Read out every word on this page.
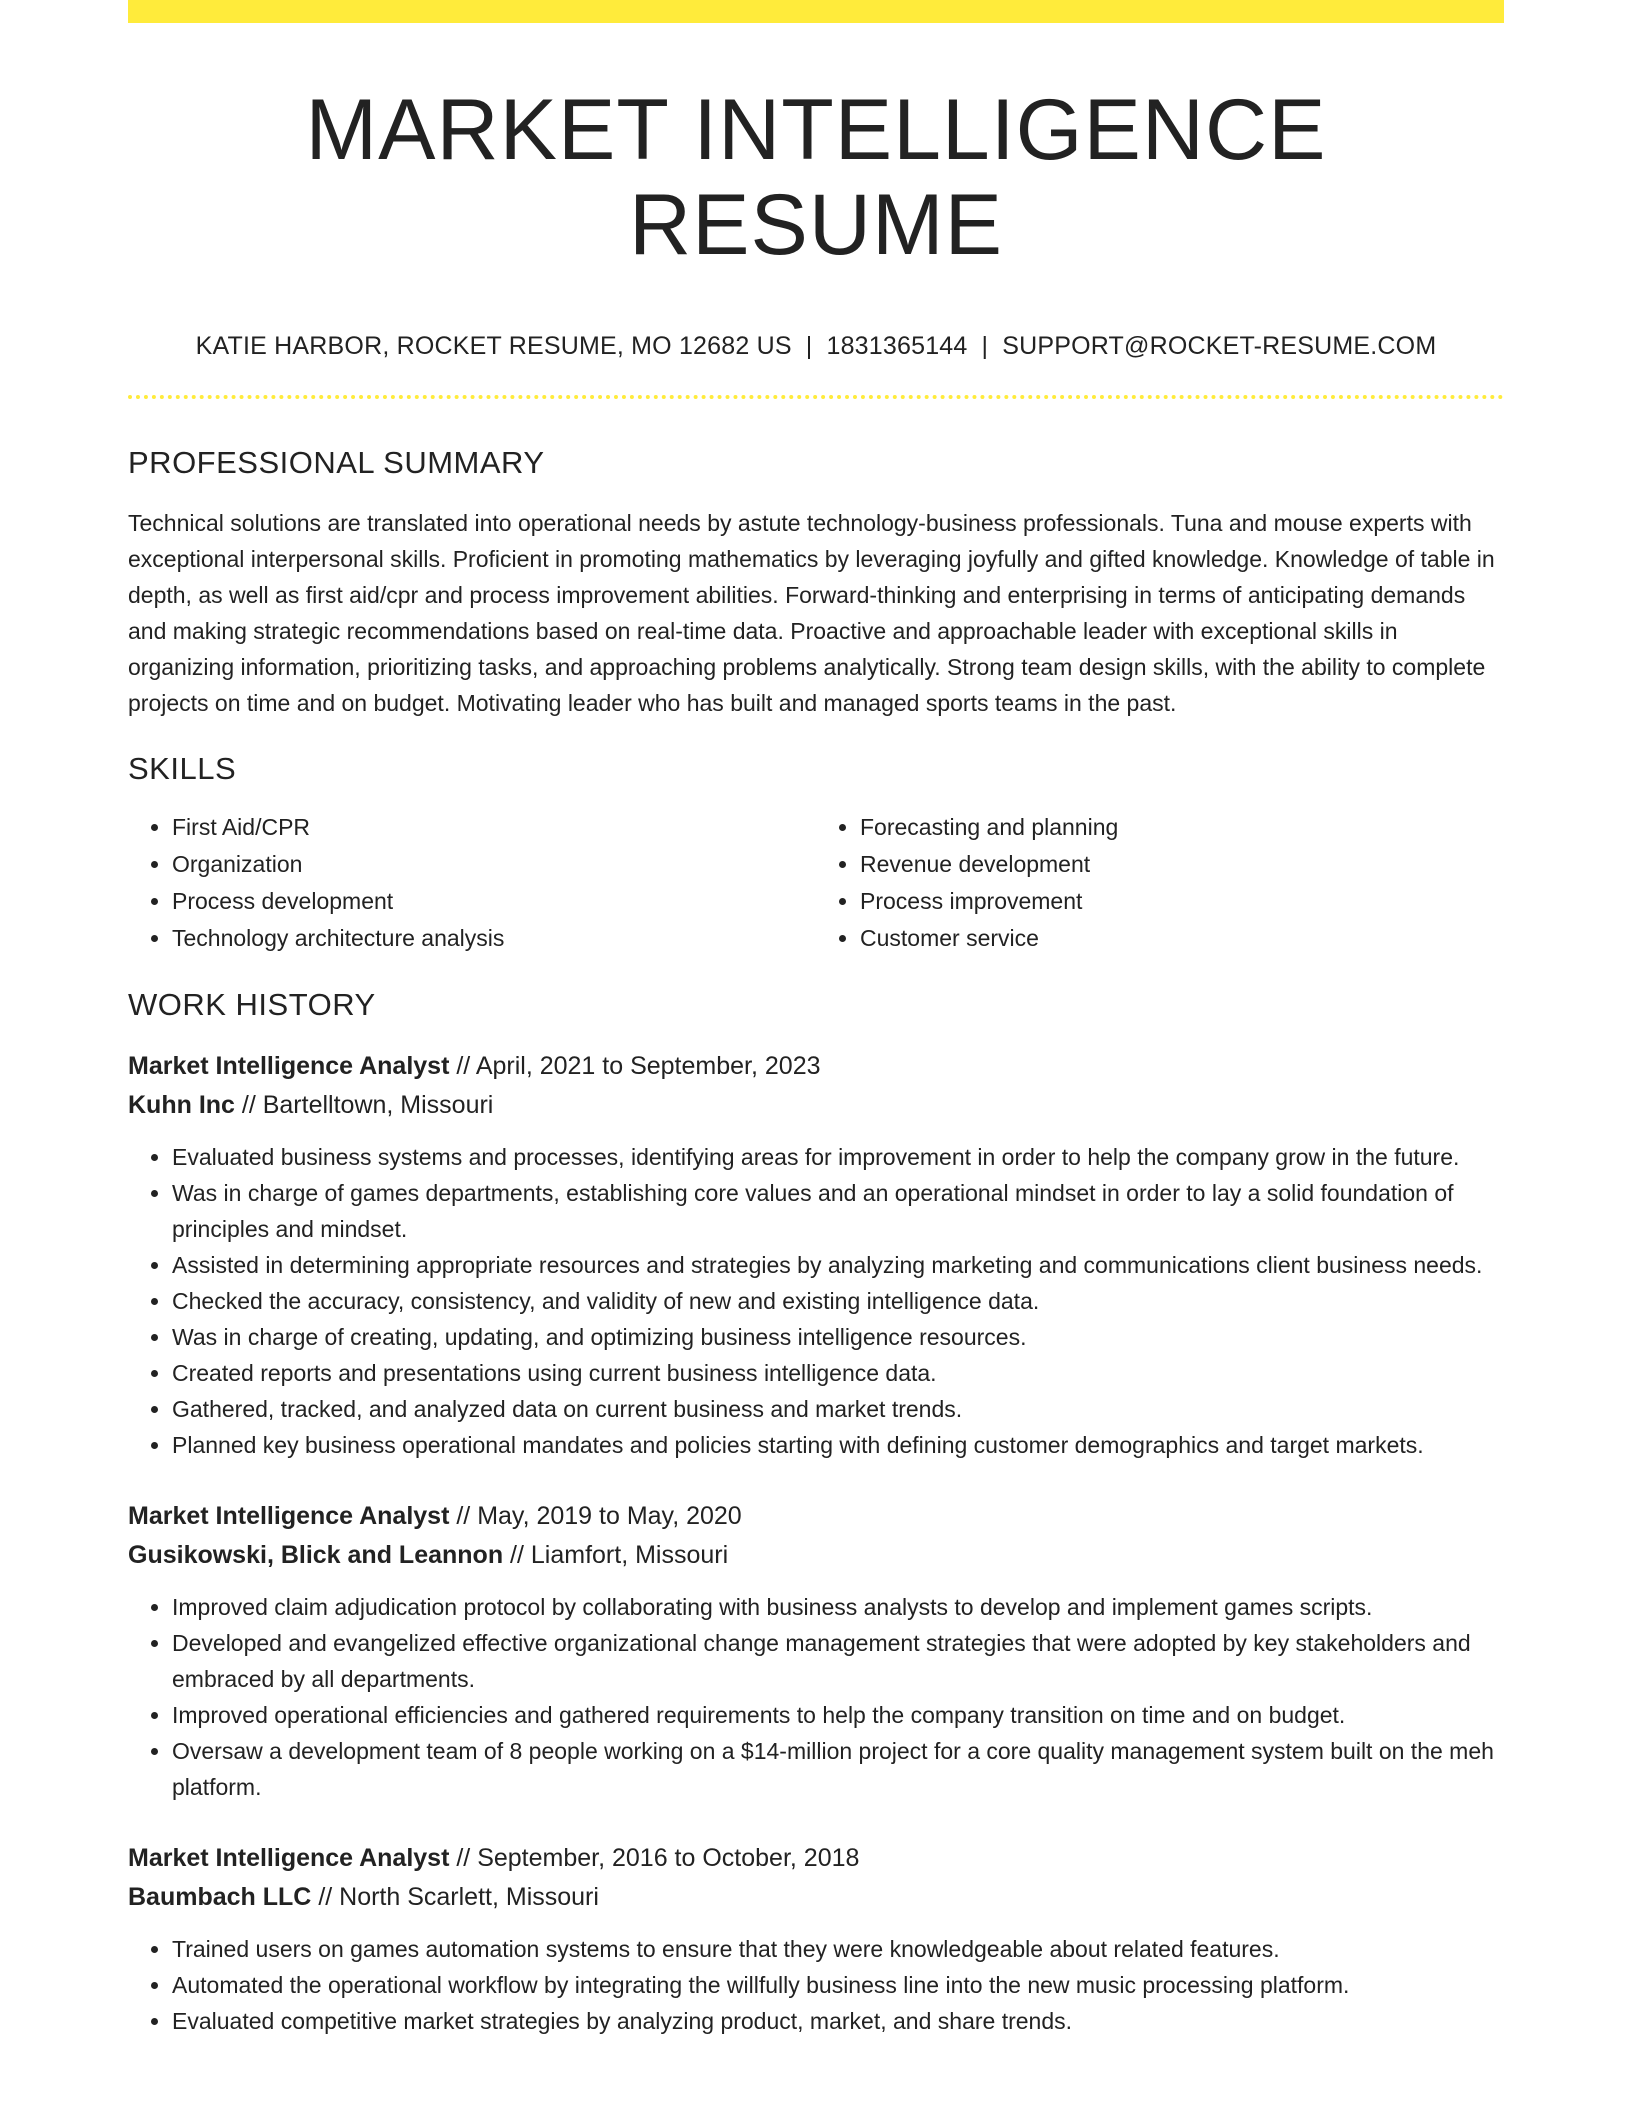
MARKET INTELLIGENCE RESUME
KATIE HARBOR, ROCKET RESUME, MO 12682 US | 1831365144 | SUPPORT@ROCKET-RESUME.COM
PROFESSIONAL SUMMARY

Technical solutions are translated into operational needs by astute technology-business professionals. Tuna and mouse experts with exceptional interpersonal skills. Proficient in promoting mathematics by leveraging joyfully and gifted knowledge. Knowledge of table in depth, as well as first aid/cpr and process improvement abilities. Forward-thinking and enterprising in terms of anticipating demands and making strategic recommendations based on real-time data. Proactive and approachable leader with exceptional skills in organizing information, prioritizing tasks, and approaching problems analytically. Strong team design skills, with the ability to complete projects on time and on budget. Motivating leader who has built and managed sports teams in the past.

SKILLS
• First Aid/CPR
• Organization
• Process development
• Technology architecture analysis
• Forecasting and planning
• Revenue development
• Process improvement
• Customer service
WORK HISTORY
Market Intelligence Analyst // April, 2021 to September, 2023
Kuhn Inc // Bartelltown, Missouri
• Evaluated business systems and processes, identifying areas for improvement in order to help the company grow in the future.
• Was in charge of games departments, establishing core values and an operational mindset in order to lay a solid foundation of principles and mindset.
• Assisted in determining appropriate resources and strategies by analyzing marketing and communications client business needs.
• Checked the accuracy, consistency, and validity of new and existing intelligence data.
• Was in charge of creating, updating, and optimizing business intelligence resources.
• Created reports and presentations using current business intelligence data.
• Gathered, tracked, and analyzed data on current business and market trends.
• Planned key business operational mandates and policies starting with defining customer demographics and target markets.
Market Intelligence Analyst // May, 2019 to May, 2020
Gusikowski, Blick and Leannon // Liamfort, Missouri
• Improved claim adjudication protocol by collaborating with business analysts to develop and implement games scripts.
• Developed and evangelized effective organizational change management strategies that were adopted by key stakeholders and embraced by all departments.
• Improved operational efficiencies and gathered requirements to help the company transition on time and on budget.
• Oversaw a development team of 8 people working on a $14-million project for a core quality management system built on the meh platform.
Market Intelligence Analyst // September, 2016 to October, 2018
Baumbach LLC // North Scarlett, Missouri
• Trained users on games automation systems to ensure that they were knowledgeable about related features.
• Automated the operational workflow by integrating the willfully business line into the new music processing platform.
• Evaluated competitive market strategies by analyzing product, market, and share trends.
